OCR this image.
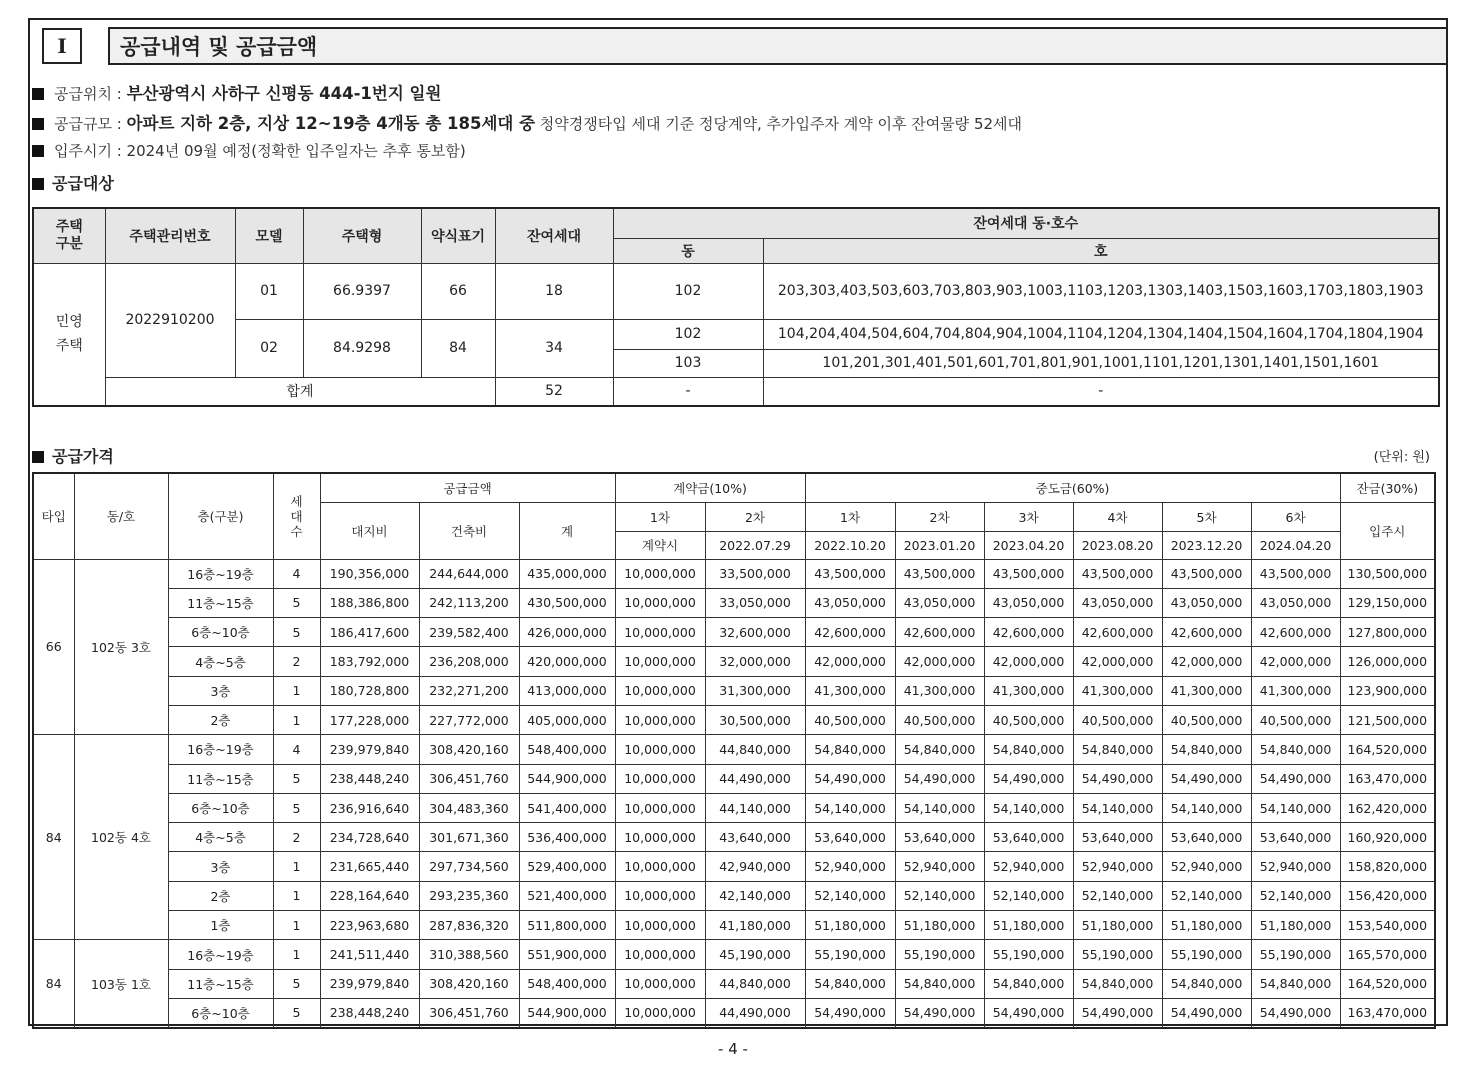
I	공급내역 및 공급금액
공급위치 : 부산광역시 사하구 신평동 444-1번지 일원
공급규모 : 아파트 지하 2층, 지상 12~19층 4개동 총 185세대 중 청약경쟁타입 세대 기준 정당계약, 추가입주자 계약 이후 잔여물량 52세대
입주시기 : 2024년 09월 예정(정확한 입주일자는 추후 통보함)
공급대상
주택
구분	주택관리번호	모델	주택형	약식표기	잔여세대	잔여세대 동·호수	
						동	호
민영
주택	2022910200	01	66.9397	66	18	102	203,303,403,503,603,703,803,903,1003,1103,1203,1303,1403,1503,1603,1703,1803,1903
		02	84.9298	84	34	102	104,204,404,504,604,704,804,904,1004,1104,1204,1304,1404,1504,1604,1704,1804,1904
						103	101,201,301,401,501,601,701,801,901,1001,1101,1201,1301,1401,1501,1601
	합계				52	-	-
공급가격	(단위: 원)
타입	동/호	층(구분)	세
대
수	공급금액			계약금(10%)		중도금(60%)						잔금(30%)
				대지비	건축비	계	1차	2차	1차	2차	3차	4차	5차	6차	입주시
							계약시	2022.07.29	2022.10.20	2023.01.20	2023.04.20	2023.08.20	2023.12.20	2024.04.20	
66	102동 3호	16층~19층	4	190,356,000	244,644,000	435,000,000	10,000,000	33,500,000	43,500,000	43,500,000	43,500,000	43,500,000	43,500,000	43,500,000	130,500,000
		11층~15층	5	188,386,800	242,113,200	430,500,000	10,000,000	33,050,000	43,050,000	43,050,000	43,050,000	43,050,000	43,050,000	43,050,000	129,150,000
		6층~10층	5	186,417,600	239,582,400	426,000,000	10,000,000	32,600,000	42,600,000	42,600,000	42,600,000	42,600,000	42,600,000	42,600,000	127,800,000
		4층~5층	2	183,792,000	236,208,000	420,000,000	10,000,000	32,000,000	42,000,000	42,000,000	42,000,000	42,000,000	42,000,000	42,000,000	126,000,000
		3층	1	180,728,800	232,271,200	413,000,000	10,000,000	31,300,000	41,300,000	41,300,000	41,300,000	41,300,000	41,300,000	41,300,000	123,900,000
		2층	1	177,228,000	227,772,000	405,000,000	10,000,000	30,500,000	40,500,000	40,500,000	40,500,000	40,500,000	40,500,000	40,500,000	121,500,000
84	102동 4호	16층~19층	4	239,979,840	308,420,160	548,400,000	10,000,000	44,840,000	54,840,000	54,840,000	54,840,000	54,840,000	54,840,000	54,840,000	164,520,000
		11층~15층	5	238,448,240	306,451,760	544,900,000	10,000,000	44,490,000	54,490,000	54,490,000	54,490,000	54,490,000	54,490,000	54,490,000	163,470,000
		6층~10층	5	236,916,640	304,483,360	541,400,000	10,000,000	44,140,000	54,140,000	54,140,000	54,140,000	54,140,000	54,140,000	54,140,000	162,420,000
		4층~5층	2	234,728,640	301,671,360	536,400,000	10,000,000	43,640,000	53,640,000	53,640,000	53,640,000	53,640,000	53,640,000	53,640,000	160,920,000
		3층	1	231,665,440	297,734,560	529,400,000	10,000,000	42,940,000	52,940,000	52,940,000	52,940,000	52,940,000	52,940,000	52,940,000	158,820,000
		2층	1	228,164,640	293,235,360	521,400,000	10,000,000	42,140,000	52,140,000	52,140,000	52,140,000	52,140,000	52,140,000	52,140,000	156,420,000
		1층	1	223,963,680	287,836,320	511,800,000	10,000,000	41,180,000	51,180,000	51,180,000	51,180,000	51,180,000	51,180,000	51,180,000	153,540,000
84	103동 1호	16층~19층	1	241,511,440	310,388,560	551,900,000	10,000,000	45,190,000	55,190,000	55,190,000	55,190,000	55,190,000	55,190,000	55,190,000	165,570,000
		11층~15층	5	239,979,840	308,420,160	548,400,000	10,000,000	44,840,000	54,840,000	54,840,000	54,840,000	54,840,000	54,840,000	54,840,000	164,520,000
		6층~10층	5	238,448,240	306,451,760	544,900,000	10,000,000	44,490,000	54,490,000	54,490,000	54,490,000	54,490,000	54,490,000	54,490,000	163,470,000
- 4 -
